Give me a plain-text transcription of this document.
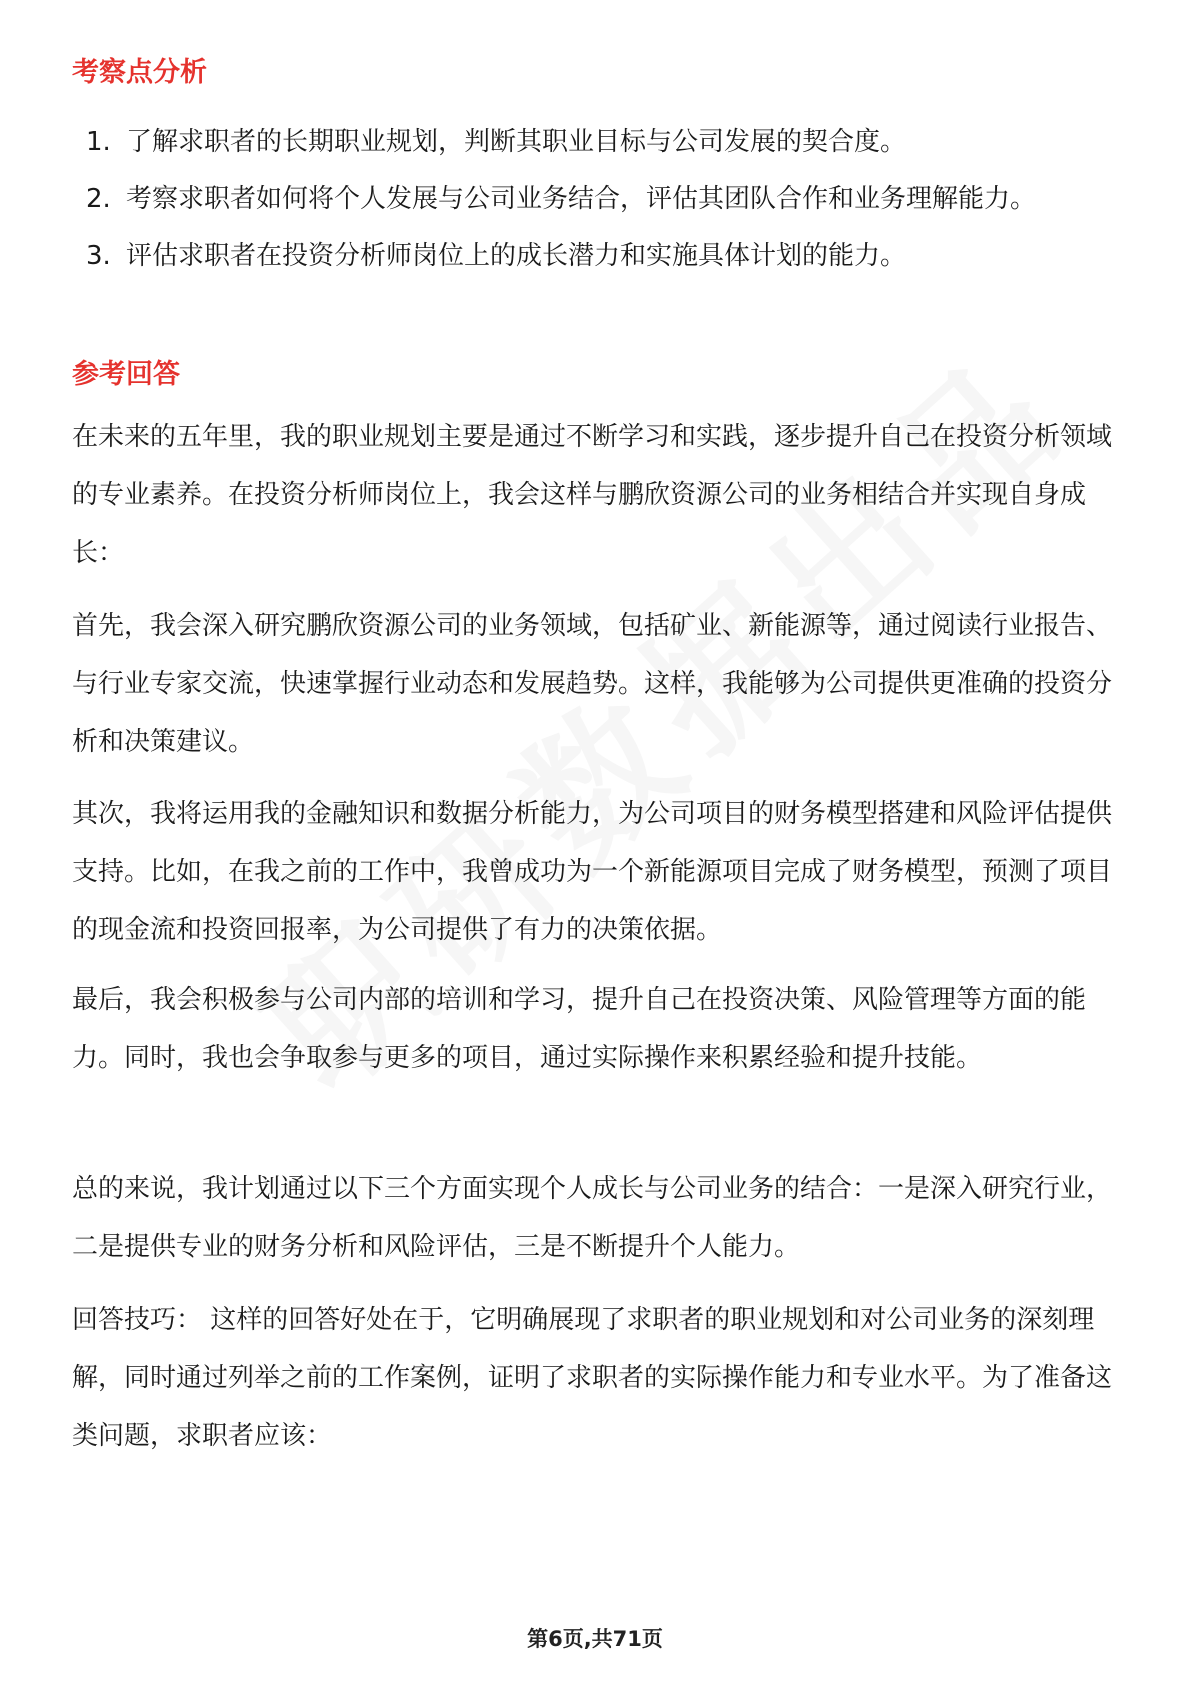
考察点分析
1. 了解求职者的长期职业规划，判断其职业目标与公司发展的契合度。
2. 考察求职者如何将个人发展与公司业务结合，评估其团队合作和业务理解能力。
3. 评估求职者在投资分析师岗位上的成长潜力和实施具体计划的能力。
参考回答

在未来的五年里，我的职业规划主要是通过不断学习和实践，逐步提升自己在投资分析领域的专业素养。在投资分析师岗位上，我会这样与鹏欣资源公司的业务相结合并实现自身成长：

首先，我会深入研究鹏欣资源公司的业务领域，包括矿业、新能源等，通过阅读行业报告、与行业专家交流，快速掌握行业动态和发展趋势。这样，我能够为公司提供更准确的投资分析和决策建议。

其次，我将运用我的金融知识和数据分析能力，为公司项目的财务模型搭建和风险评估提供支持。比如，在我之前的工作中，我曾成功为一个新能源项目完成了财务模型，预测了项目的现金流和投资回报率，为公司提供了有力的决策依据。

最后，我会积极参与公司内部的培训和学习，提升自己在投资决策、风险管理等方面的能力。同时，我也会争取参与更多的项目，通过实际操作来积累经验和提升技能。

总的来说，我计划通过以下三个方面实现个人成长与公司业务的结合：一是深入研究行业，二是提供专业的财务分析和风险评估，三是不断提升个人能力。

回答技巧： 这样的回答好处在于，它明确展现了求职者的职业规划和对公司业务的深刻理解，同时通过列举之前的工作案例，证明了求职者的实际操作能力和专业水平。为了准备这类问题，求职者应该：

第6页,共71页
